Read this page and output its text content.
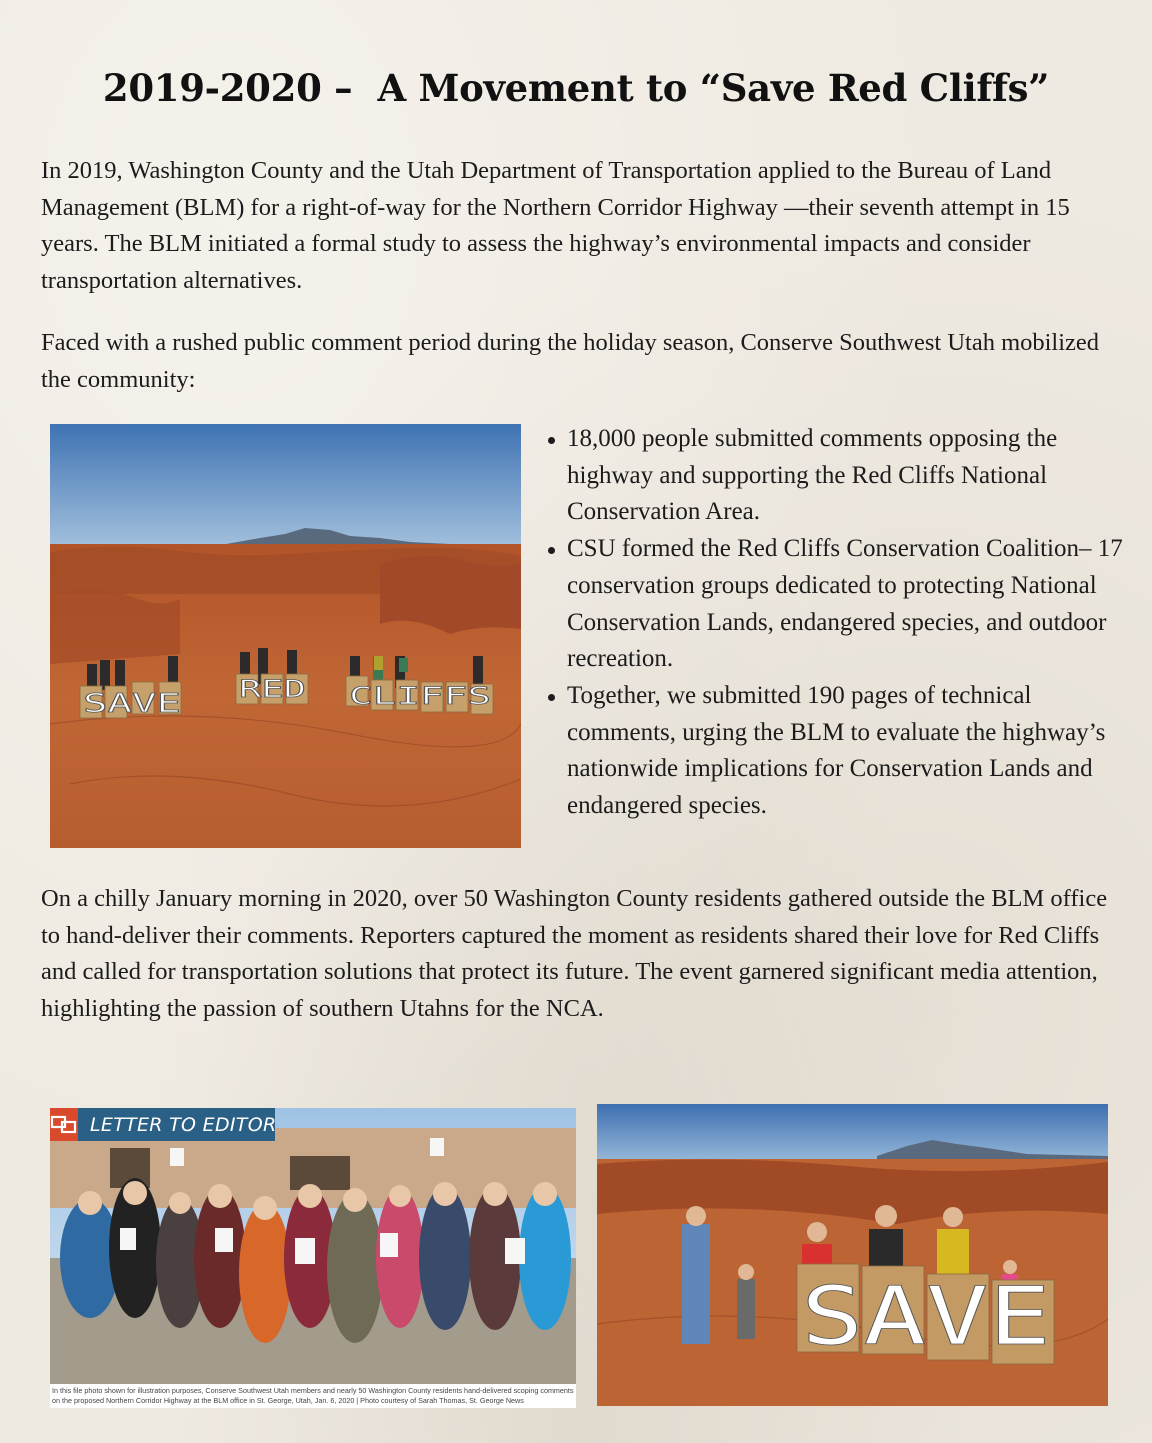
2019-2020 –  A Movement to “Save Red Cliffs”

In 2019, Washington County and the Utah Department of Transportation applied to the Bureau of Land Management (BLM) for a right-of-way for the Northern Corridor Highway —their seventh attempt in 15 years. The BLM initiated a formal study to assess the highway’s environmental impacts and consider transportation alternatives.

Faced with a rushed public comment period during the holiday season, Conserve Southwest Utah mobilized the community:

SAVE RED CLIFFS
18,000 people submitted comments opposing the highway and supporting the Red Cliffs National Conservation Area.
CSU formed the Red Cliffs Conservation Coalition– 17 conservation groups dedicated to protecting National Conservation Lands, endangered species, and outdoor recreation.
Together, we submitted 190 pages of technical comments, urging the BLM to evaluate the highway’s nationwide implications for Conservation Lands and endangered species.

On a chilly January morning in 2020, over 50 Washington County residents gathered outside the BLM office to hand-deliver their comments. Reporters captured the moment as residents shared their love for Red Cliffs and called for transportation solutions that protect its future. The event garnered significant media attention, highlighting the passion of southern Utahns for the NCA.

LETTER TO EDITOR
In this file photo shown for illustration purposes, Conserve Southwest Utah members and nearly 50 Washington County residents hand-delivered scoping comments on the proposed Northern Corridor Highway at the BLM office in St. George, Utah, Jan. 6, 2020 | Photo courtesy of Sarah Thomas, St. George News
SAVE
